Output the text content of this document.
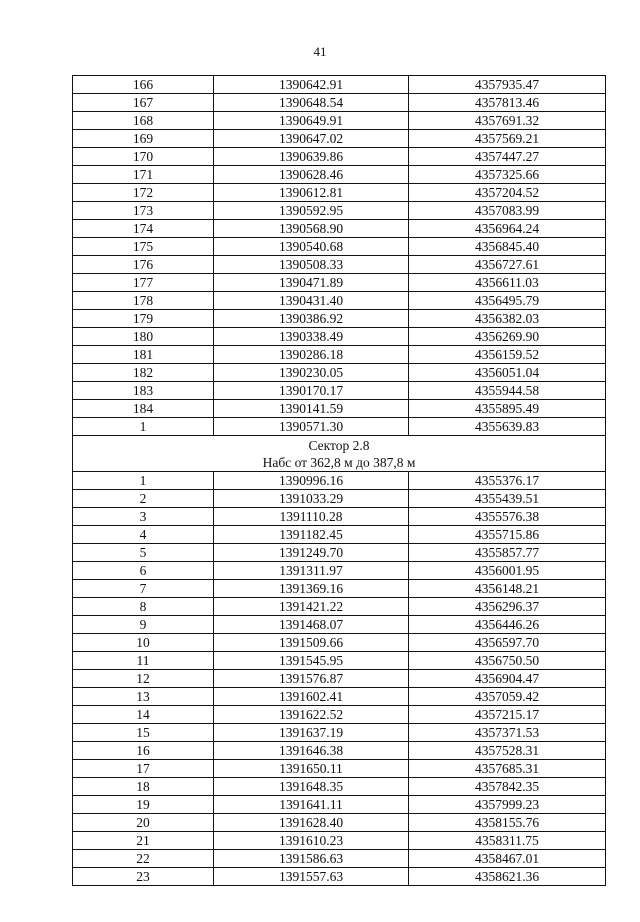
41
166	1390642.91	4357935.47
167	1390648.54	4357813.46
168	1390649.91	4357691.32
169	1390647.02	4357569.21
170	1390639.86	4357447.27
171	1390628.46	4357325.66
172	1390612.81	4357204.52
173	1390592.95	4357083.99
174	1390568.90	4356964.24
175	1390540.68	4356845.40
176	1390508.33	4356727.61
177	1390471.89	4356611.03
178	1390431.40	4356495.79
179	1390386.92	4356382.03
180	1390338.49	4356269.90
181	1390286.18	4356159.52
182	1390230.05	4356051.04
183	1390170.17	4355944.58
184	1390141.59	4355895.49
1	1390571.30	4355639.83

Сектор 2.8
Набс от 362,8 м до 387,8 м		

1	1390996.16	4355376.17
2	1391033.29	4355439.51
3	1391110.28	4355576.38
4	1391182.45	4355715.86
5	1391249.70	4355857.77
6	1391311.97	4356001.95
7	1391369.16	4356148.21
8	1391421.22	4356296.37
9	1391468.07	4356446.26
10	1391509.66	4356597.70
11	1391545.95	4356750.50
12	1391576.87	4356904.47
13	1391602.41	4357059.42
14	1391622.52	4357215.17
15	1391637.19	4357371.53
16	1391646.38	4357528.31
17	1391650.11	4357685.31
18	1391648.35	4357842.35
19	1391641.11	4357999.23
20	1391628.40	4358155.76
21	1391610.23	4358311.75
22	1391586.63	4358467.01
23	1391557.63	4358621.36
